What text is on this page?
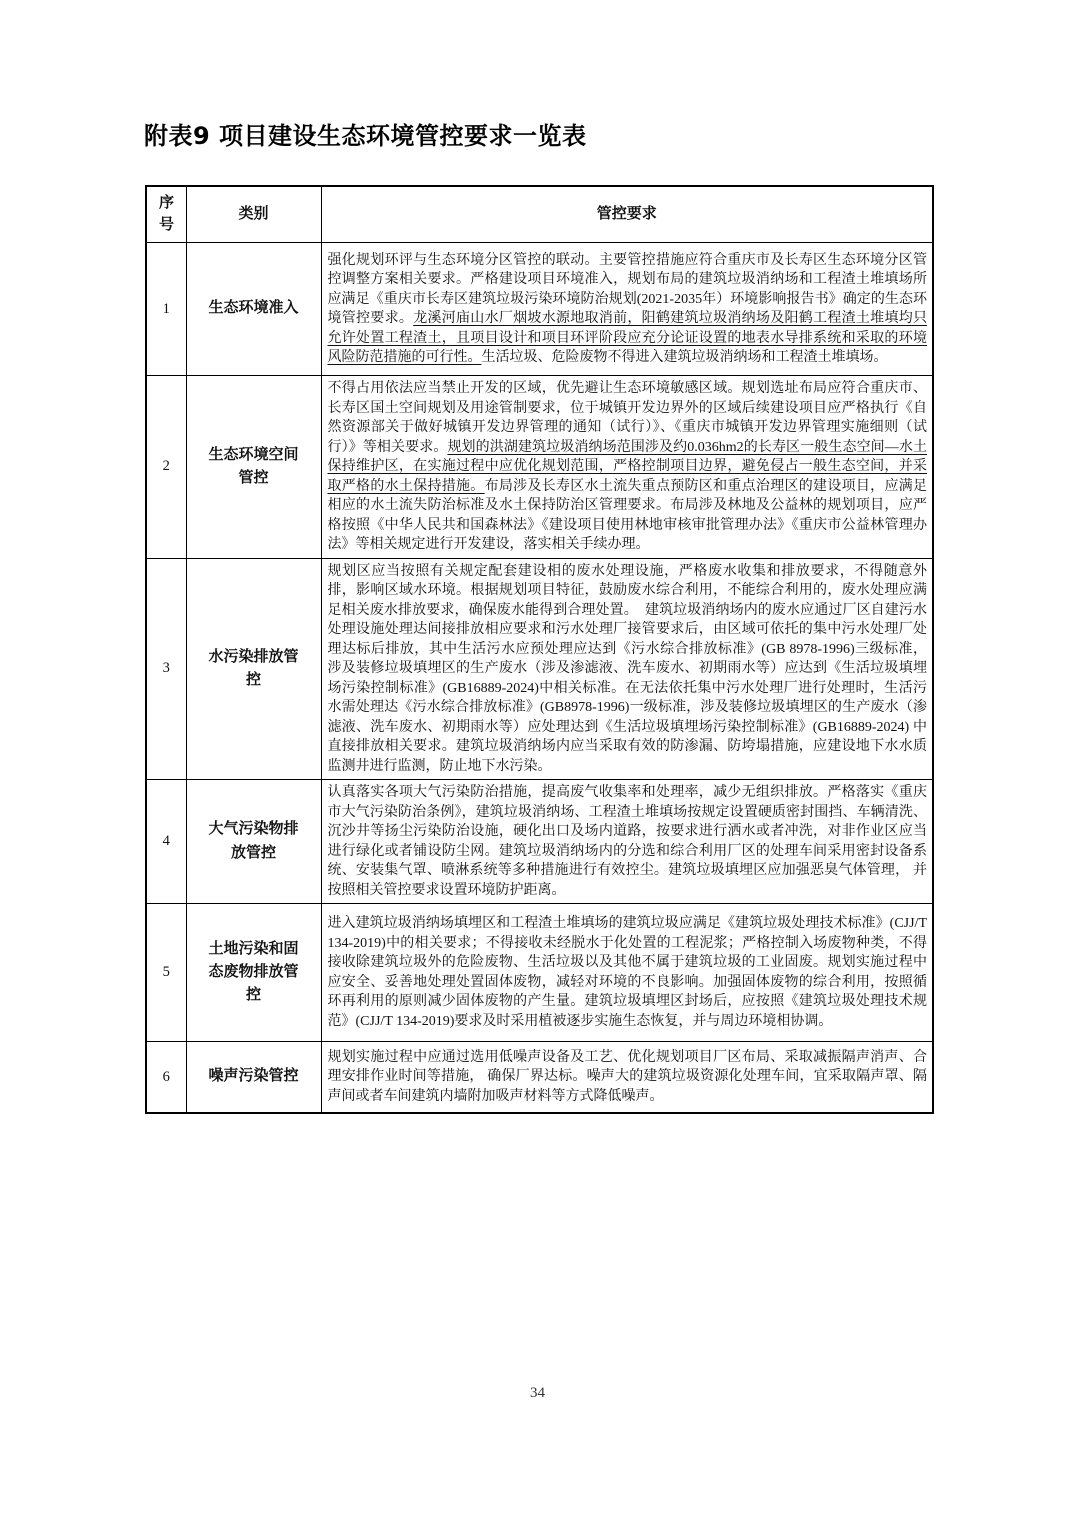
附表9 项目建设生态环境管控要求一览表
序号	类别	管控要求
1	生态环境准入	强化规划环评与生态环境分区管控的联动。主要管控措施应符合重庆市及长寿区生态环境分区管控调整方案相关要求。严格建设项目环境准入，规划布局的建筑垃圾消纳场和工程渣土堆填场所应满足《重庆市长寿区建筑垃圾污染环境防治规划(2021-2035年）环境影响报告书》确定的生态环境管控要求。龙溪河庙山水厂烟坡水源地取消前，阳鹤建筑垃圾消纳场及阳鹤工程渣土堆填均只允许处置工程渣土，且项目设计和项目环评阶段应充分论证设置的地表水导排系统和采取的环境风险防范措施的可行性。生活垃圾、危险废物不得进入建筑垃圾消纳场和工程渣土堆填场。
2	生态环境空间管控	不得占用依法应当禁止开发的区域，优先避让生态环境敏感区域。规划选址布局应符合重庆市、长寿区国土空间规划及用途管制要求，位于城镇开发边界外的区域后续建设项目应严格执行《自然资源部关于做好城镇开发边界管理的通知（试行）》、《重庆市城镇开发边界管理实施细则（试行）》等相关要求。规划的洪湖建筑垃圾消纳场范围涉及约0.036hm2的长寿区一般生态空间—水土保持维护区，在实施过程中应优化规划范围，严格控制项目边界，避免侵占一般生态空间，并采取严格的水土保持措施。布局涉及长寿区水土流失重点预防区和重点治理区的建设项目，应满足相应的水土流失防治标准及水土保持防治区管理要求。布局涉及林地及公益林的规划项目，应严格按照《中华人民共和国森林法》《建设项目使用林地审核审批管理办法》《重庆市公益林管理办法》等相关规定进行开发建设，落实相关手续办理。
3	水污染排放管控	规划区应当按照有关规定配套建设相的废水处理设施，严格废水收集和排放要求，不得随意外排，影响区域水环境。根据规划项目特征，鼓励废水综合利用，不能综合利用的，废水处理应满足相关废水排放要求，确保废水能得到合理处置。　建筑垃圾消纳场内的废水应通过厂区自建污水处理设施处理达间接排放相应要求和污水处理厂接管要求后，由区域可依托的集中污水处理厂处理达标后排放，其中生活污水应预处理应达到《污水综合排放标准》(GB 8978-1996)三级标准， 涉及装修垃圾填埋区的生产废水（涉及渗滤液、洗车废水、初期雨水等）应达到《生活垃圾填埋场污染控制标准》(GB16889-2024)中相关标准。在无法依托集中污水处理厂进行处理时，生活污水需处理达《污水综合排放标准》(GB8978-1996)一级标准，涉及装修垃圾填埋区的生产废水（渗滤液、洗车废水、初期雨水等）应处理达到《生活垃圾填埋场污染控制标准》(GB16889-2024) 中直接排放相关要求。建筑垃圾消纳场内应当采取有效的防渗漏、防垮塌措施，应建设地下水水质监测井进行监测，防止地下水污染。
4	大气污染物排放管控	认真落实各项大气污染防治措施，提高废气收集率和处理率，减少无组织排放。严格落实《重庆市大气污染防治条例》，建筑垃圾消纳场、工程渣土堆填场按规定设置硬质密封围挡、车辆清洗、沉沙井等扬尘污染防治设施，硬化出口及场内道路，按要求进行洒水或者冲洗，对非作业区应当进行绿化或者铺设防尘网。建筑垃圾消纳场内的分选和综合利用厂区的处理车间采用密封设备系统、安装集气罩、喷淋系统等多种措施进行有效控尘。建筑垃圾填埋区应加强恶臭气体管理， 并按照相关管控要求设置环境防护距离。
5	土地污染和固态废物排放管控	进入建筑垃圾消纳场填埋区和工程渣土堆填场的建筑垃圾应满足《建筑垃圾处理技术标准》(CJJ/T 134-2019)中的相关要求；不得接收未经脱水于化处置的工程泥浆；严格控制入场废物种类，不得接收除建筑垃圾外的危险废物、生活垃圾以及其他不属于建筑垃圾的工业固废。规划实施过程中应安全、妥善地处理处置固体废物，减轻对环境的不良影响。加强固体废物的综合利用，按照循环再利用的原则减少固体废物的产生量。建筑垃圾填埋区封场后，应按照《建筑垃圾处理技术规范》(CJJ/T 134-2019)要求及时采用植被逐步实施生态恢复，并与周边环境相协调。
6	噪声污染管控	规划实施过程中应通过选用低噪声设备及工艺、优化规划项目厂区布局、采取减振隔声消声、合理安排作业时间等措施， 确保厂界达标。噪声大的建筑垃圾资源化处理车间，宜采取隔声罩、隔声间或者车间建筑内墙附加吸声材料等方式降低噪声。
34
